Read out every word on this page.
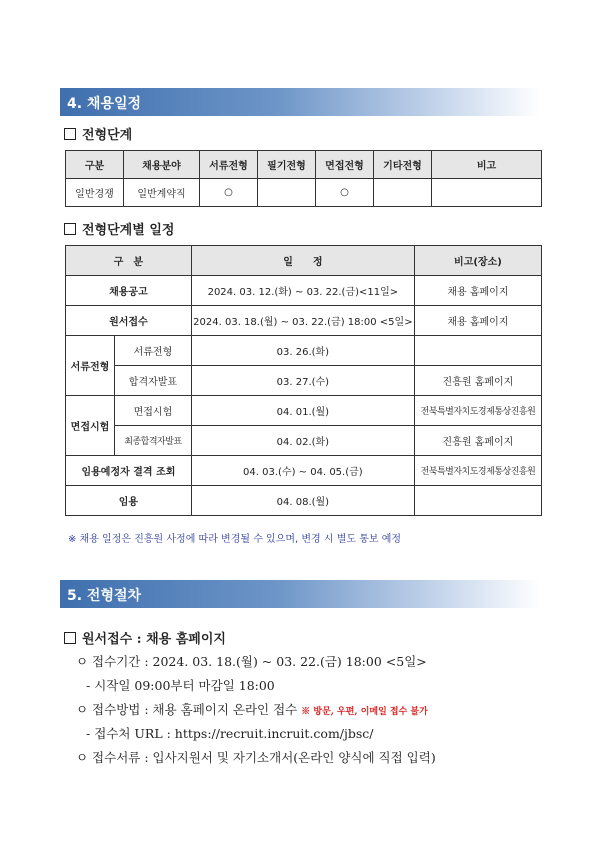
4. 채용일정
전형단계
구분	채용분야	서류전형	필기전형	면접전형	기타전형	비고
일반경쟁	일반계약직	○		○		
전형단계별 일정
구　분		일　　정	비고(장소)
채용공고		2024. 03. 12.(화) ~ 03. 22.(금)<11일>	채용 홈페이지
원서접수		2024. 03. 18.(월) ~ 03. 22.(금) 18:00 <5일>	채용 홈페이지
서류전형	서류전형	03. 26.(화)	
	합격자발표	03. 27.(수)	진흥원 홈페이지
면접시험	면접시험	04. 01.(월)	전북특별자치도경제통상진흥원
	최종합격자발표	04. 02.(화)	진흥원 홈페이지
임용예정자 결격 조회		04. 03.(수) ~ 04. 05.(금)	전북특별자치도경제통상진흥원
임용		04. 08.(월)	
※ 채용 일정은 진흥원 사정에 따라 변경될 수 있으며, 변경 시 별도 통보 예정
5. 전형절차
원서접수 : 채용 홈페이지
ㅇ 접수기간 : 2024. 03. 18.(월) ~ 03. 22.(금) 18:00 <5일>
- 시작일 09:00부터 마감일 18:00
ㅇ 접수방법 : 채용 홈페이지 온라인 접수 ※ 방문, 우편, 이메일 접수 불가
- 접수처 URL : https://recruit.incruit.com/jbsc/
ㅇ 접수서류 : 입사지원서 및 자기소개서(온라인 양식에 직접 입력)
